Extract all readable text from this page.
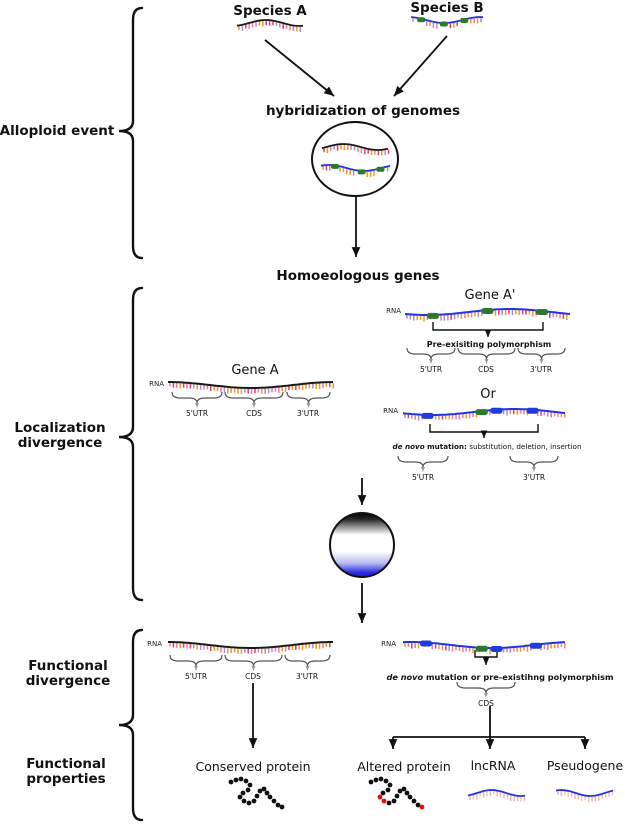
Alloploid event
Localization divergence
Functional divergence
Functional properties
Species A	Species B
hybridization of genomes
Homoeologous genes
Gene A'
RNA
Pre-exisiting polymorphism
5'UTR	CDS	3'UTR
Gene A
RNA
5'UTR	CDS	3'UTR
Or
RNA
de novo mutation: substitution, deletion, insertion
5'UTR	3'UTR
RNA
5'UTR	CDS	3'UTR
Conserved protein
RNA
de novo mutation or pre-existihng polymorphism
CDS
Altered protein lncRNA	Pseudogene
